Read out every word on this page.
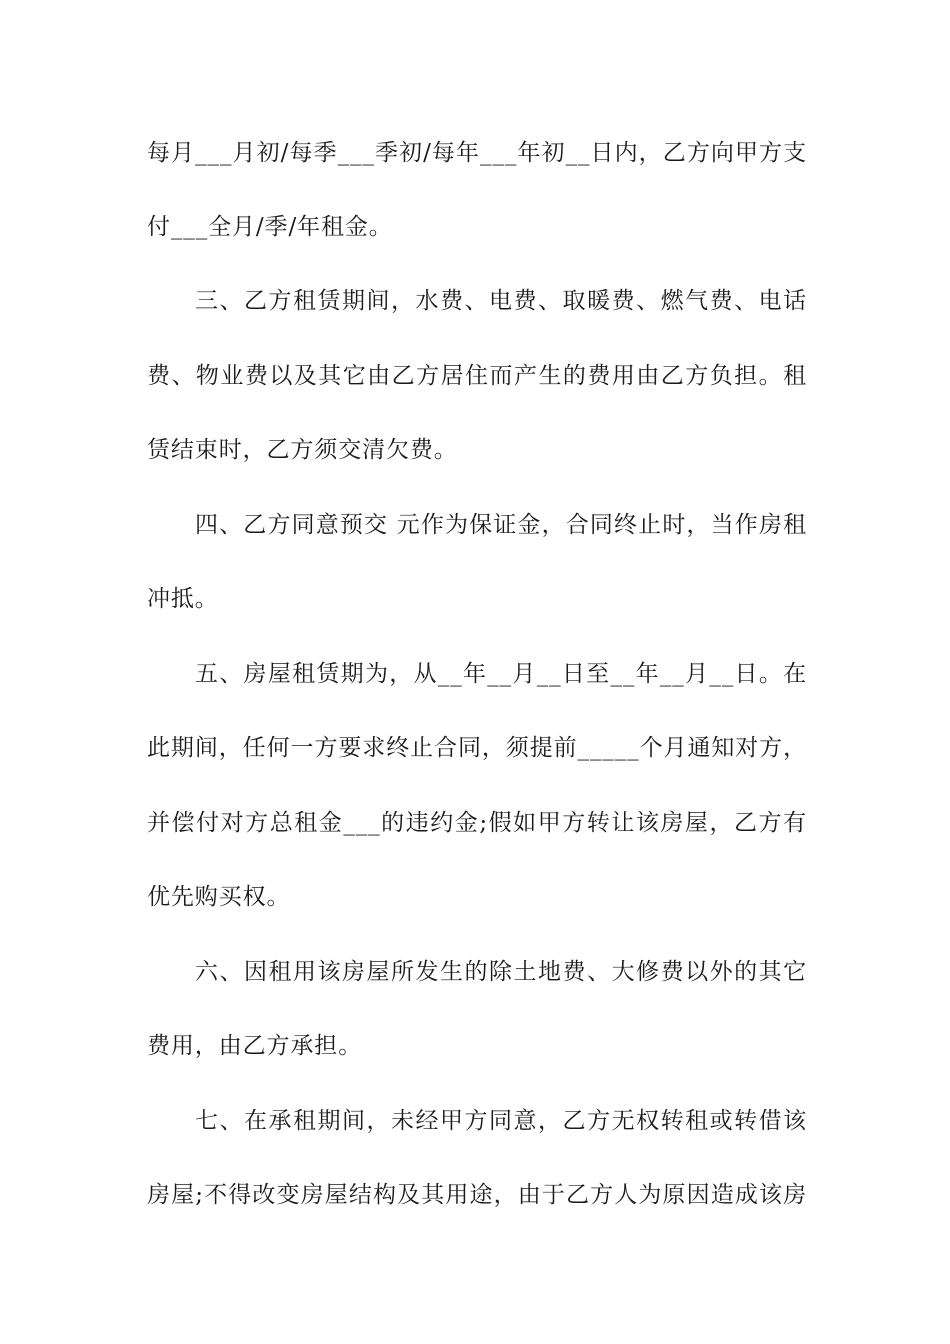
每月___月初/每季___季初/每年___年初__日内，乙方向甲方支
付___全月/季/年租金。
三、乙方租赁期间，水费、电费、取暖费、燃气费、电话
费、物业费以及其它由乙方居住而产生的费用由乙方负担。租
赁结束时，乙方须交清欠费。
四、乙方同意预交 元作为保证金，合同终止时，当作房租
冲抵。
五、房屋租赁期为，从__年__月__日至__年__月__日。在
此期间，任何一方要求终止合同，须提前_____个月通知对方，
并偿付对方总租金___的违约金;假如甲方转让该房屋，乙方有
优先购买权。
六、因租用该房屋所发生的除土地费、大修费以外的其它
费用，由乙方承担。
七、在承租期间，未经甲方同意，乙方无权转租或转借该
房屋;不得改变房屋结构及其用途，由于乙方人为原因造成该房
